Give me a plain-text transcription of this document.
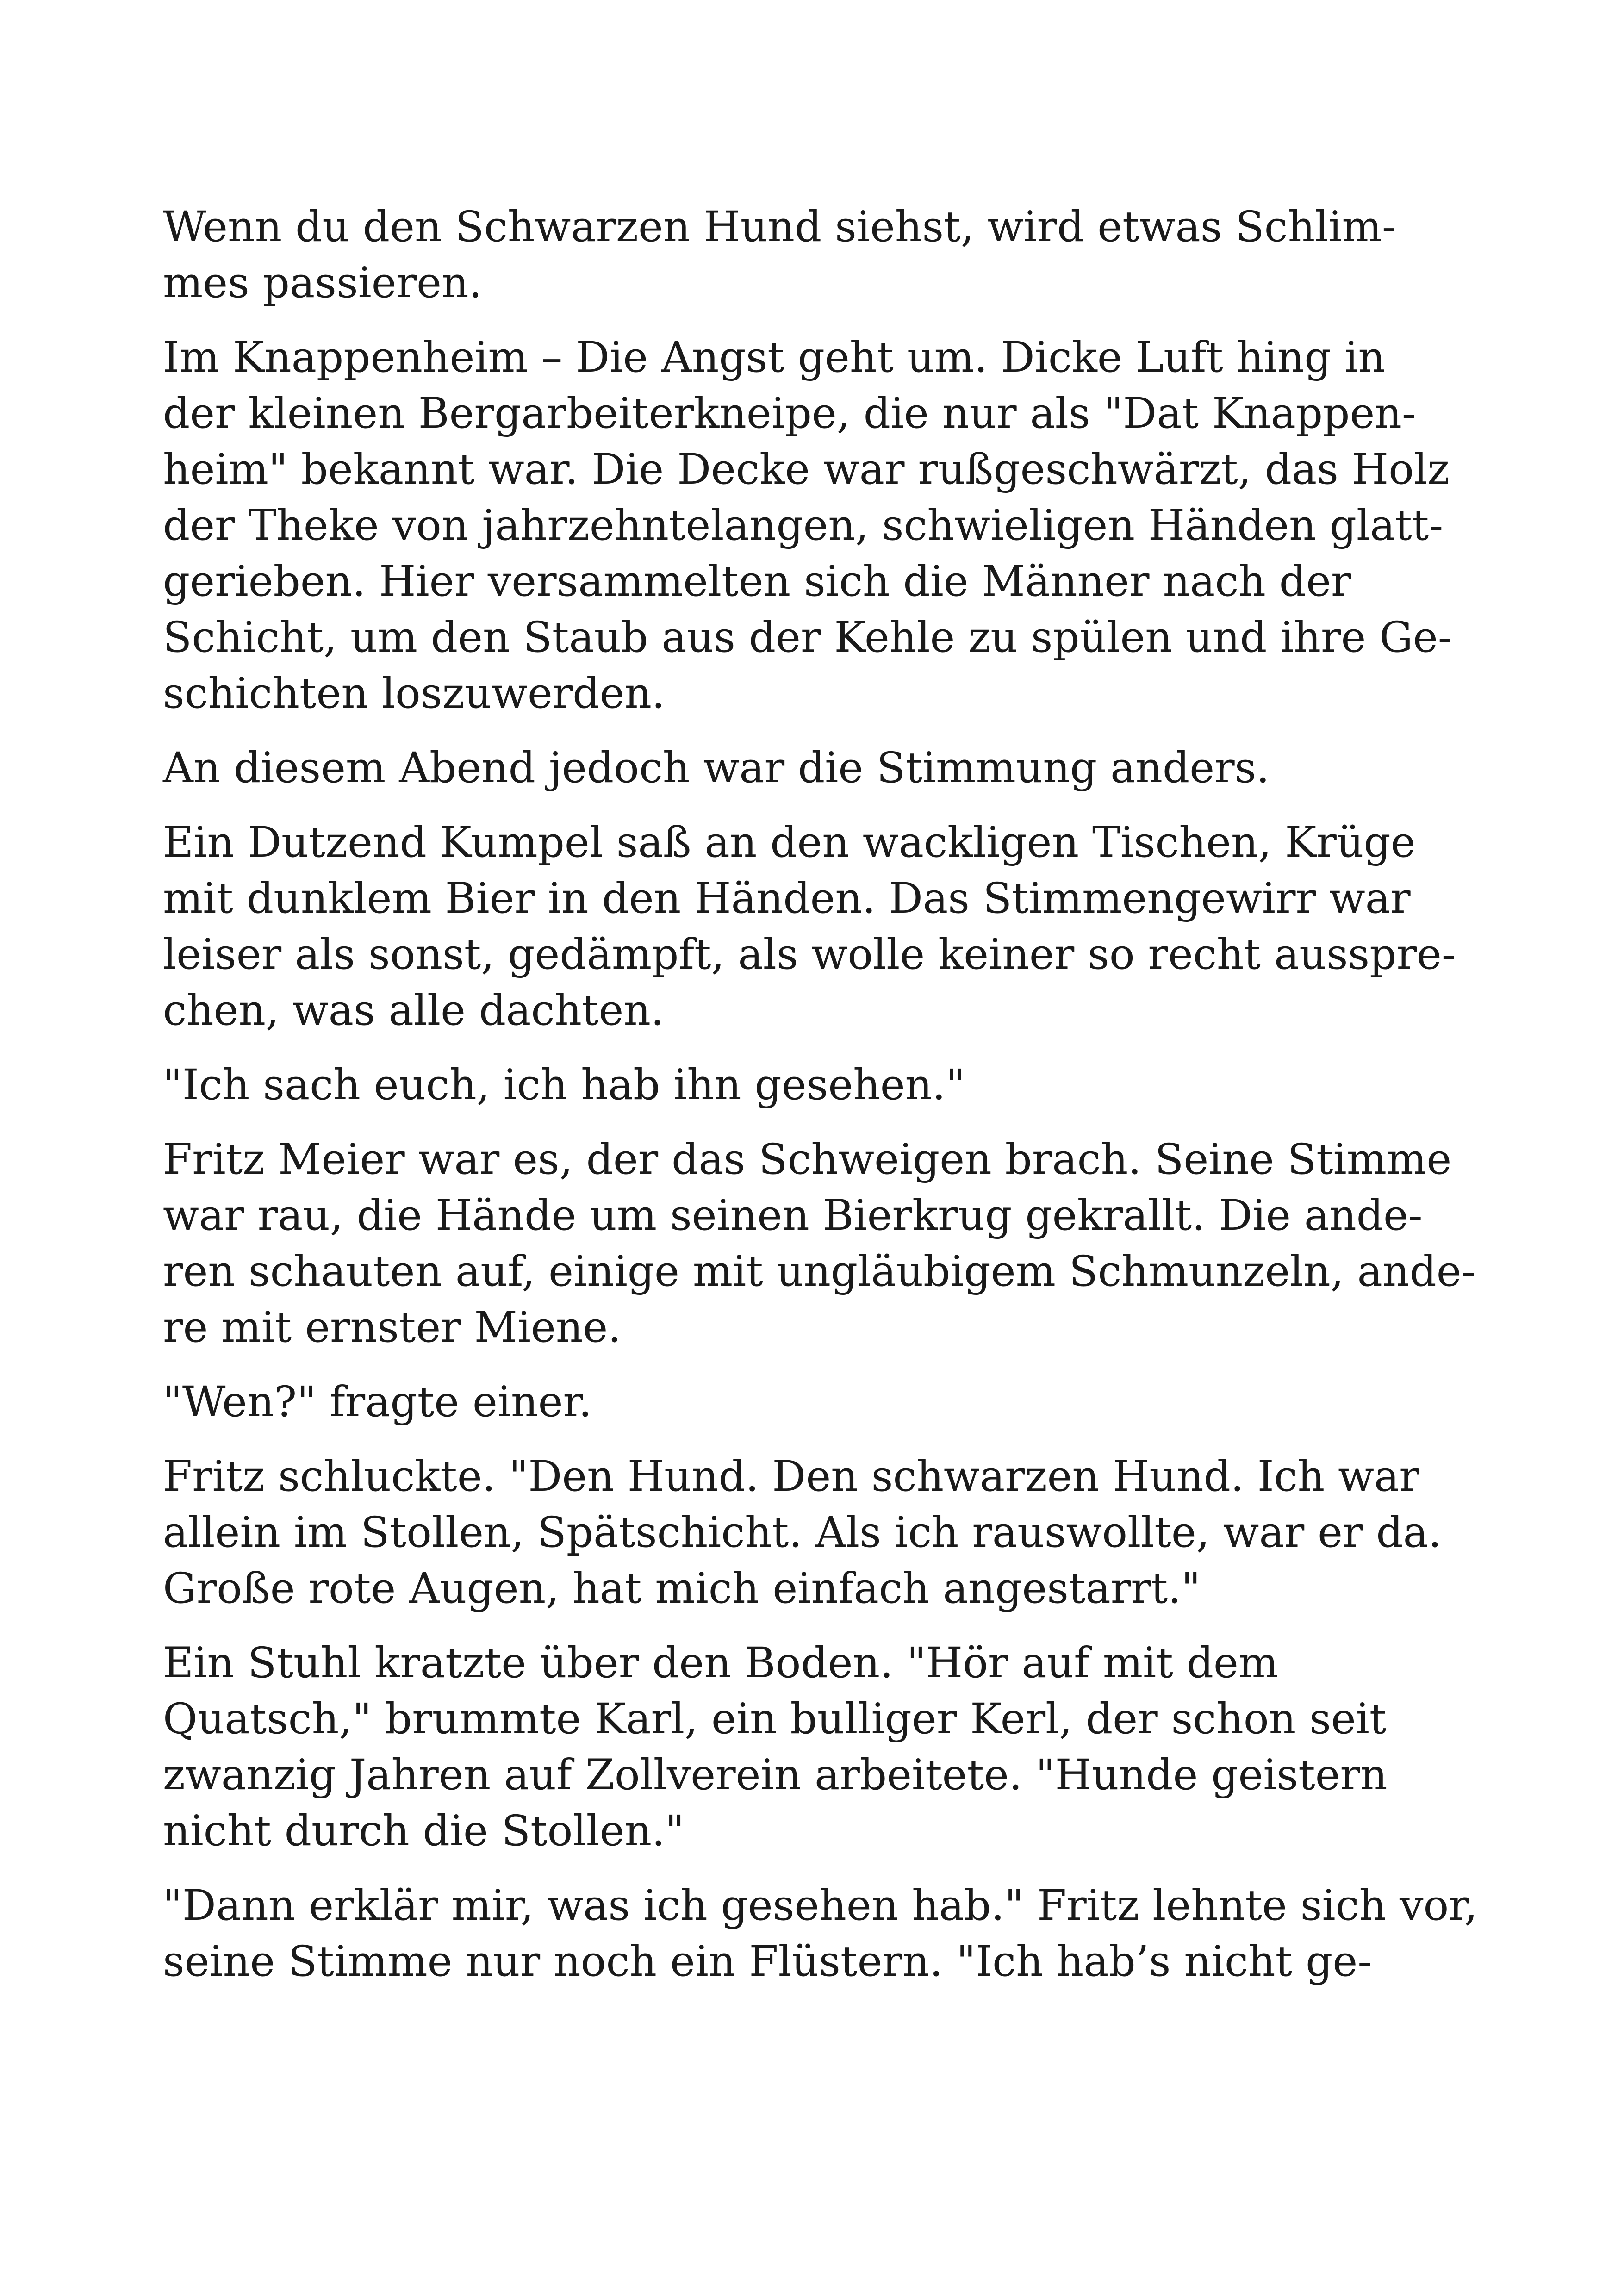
Wenn du den Schwarzen Hund siehst, wird etwas Schlim-
mes passieren.

Im Knappenheim – Die Angst geht um. Dicke Luft hing in
der kleinen Bergarbeiterkneipe, die nur als "Dat Knappen-
heim" bekannt war. Die Decke war rußgeschwärzt, das Holz
der Theke von jahrzehntelangen, schwieligen Händen glatt-
gerieben. Hier versammelten sich die Männer nach der
Schicht, um den Staub aus der Kehle zu spülen und ihre Ge-
schichten loszuwerden.

An diesem Abend jedoch war die Stimmung anders.

Ein Dutzend Kumpel saß an den wackligen Tischen, Krüge
mit dunklem Bier in den Händen. Das Stimmengewirr war
leiser als sonst, gedämpft, als wolle keiner so recht ausspre-
chen, was alle dachten.

"Ich sach euch, ich hab ihn gesehen."

Fritz Meier war es, der das Schweigen brach. Seine Stimme
war rau, die Hände um seinen Bierkrug gekrallt. Die ande-
ren schauten auf, einige mit ungläubigem Schmunzeln, ande-
re mit ernster Miene.

"Wen?" fragte einer.

Fritz schluckte. "Den Hund. Den schwarzen Hund. Ich war
allein im Stollen, Spätschicht. Als ich rauswollte, war er da.
Große rote Augen, hat mich einfach angestarrt."

Ein Stuhl kratzte über den Boden. "Hör auf mit dem
Quatsch," brummte Karl, ein bulliger Kerl, der schon seit
zwanzig Jahren auf Zollverein arbeitete. "Hunde geistern
nicht durch die Stollen."

"Dann erklär mir, was ich gesehen hab." Fritz lehnte sich vor,
seine Stimme nur noch ein Flüstern. "Ich hab’s nicht ge-
